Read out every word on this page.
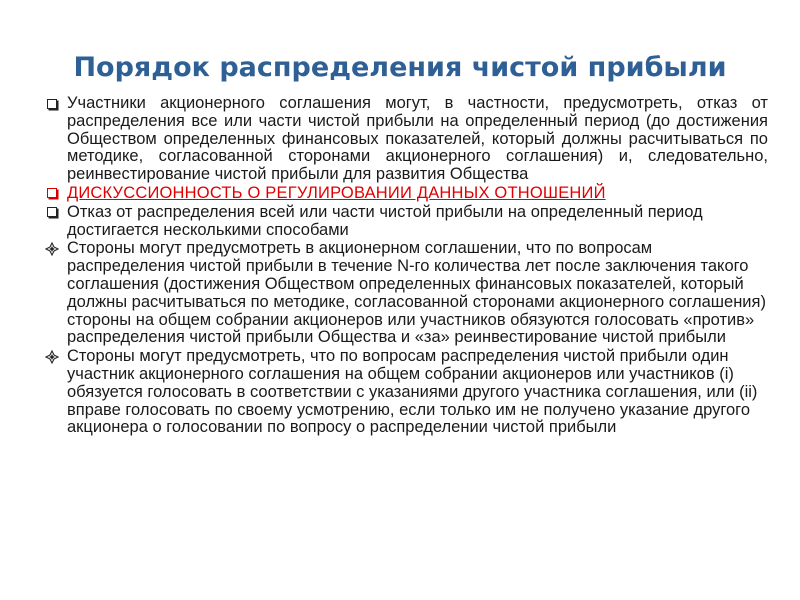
Порядок распределения чистой прибыли
Участники акционерного соглашения могут, в частности, предусмотреть, отказ от распределения все или части чистой прибыли на определенный период (до достижения Обществом определенных финансовых показателей, который должны расчитываться по методике, согласованной сторонами акционерного соглашения) и, следовательно, реинвестирование чистой прибыли для развития Общества
ДИСКУССИОННОСТЬ О РЕГУЛИРОВАНИИ ДАННЫХ ОТНОШЕНИЙ
Отказ от распределения всей или части чистой прибыли на определенный период достигается несколькими способами
Стороны могут предусмотреть в акционерном соглашении, что по вопросам распределения чистой прибыли в течение N-го количества лет после заключения такого соглашения (достижения Обществом определенных финансовых показателей, который должны расчитываться по методике, согласованной сторонами акционерного соглашения) стороны на общем собрании акционеров или участников обязуются голосовать «против» распределения чистой прибыли Общества и «за» реинвестирование чистой прибыли
Стороны могут предусмотреть, что по вопросам распределения чистой прибыли один участник акционерного соглашения на общем собрании акционеров или участников (i) обязуется голосовать в соответствии с указаниями другого участника соглашения, или (ii) вправе голосовать по своему усмотрению, если только им не получено указание другого акционера о голосовании по вопросу о распределении чистой прибыли
